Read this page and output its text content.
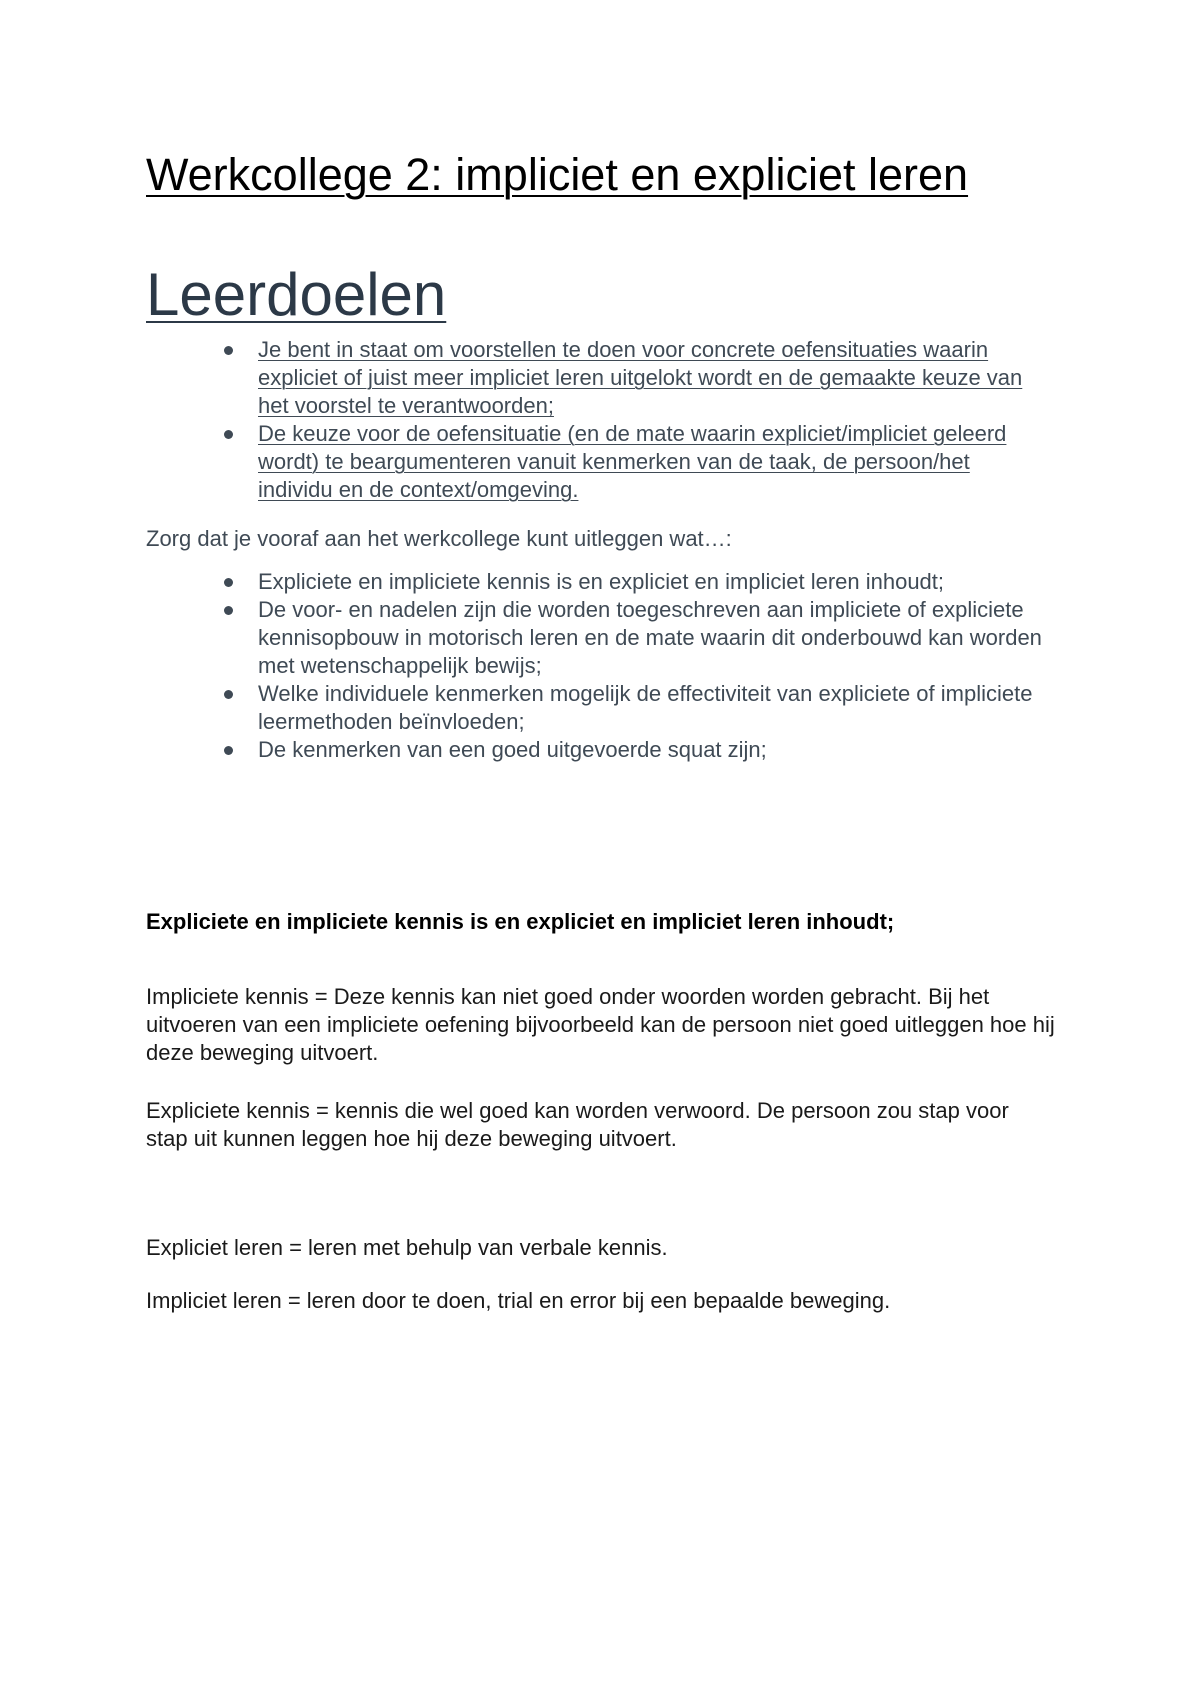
Werkcollege 2: impliciet en expliciet leren
Leerdoelen
Je bent in staat om voorstellen te doen voor concrete oefensituaties waarin expliciet of juist meer impliciet leren uitgelokt wordt en de gemaakte keuze van het voorstel te verantwoorden;
De keuze voor de oefensituatie (en de mate waarin expliciet/impliciet geleerd wordt) te beargumenteren vanuit kenmerken van de taak, de persoon/het individu en de context/omgeving.

Zorg dat je vooraf aan het werkcollege kunt uitleggen wat…:

Expliciete en impliciete kennis is en expliciet en impliciet leren inhoudt;
De voor- en nadelen zijn die worden toegeschreven aan impliciete of expliciete kennisopbouw in motorisch leren en de mate waarin dit onderbouwd kan worden met wetenschappelijk bewijs;
Welke individuele kenmerken mogelijk de effectiviteit van expliciete of impliciete leermethoden beïnvloeden;
De kenmerken van een goed uitgevoerde squat zijn;

Expliciete en impliciete kennis is en expliciet en impliciet leren inhoudt;

Impliciete kennis = Deze kennis kan niet goed onder woorden worden gebracht. Bij het uitvoeren van een impliciete oefening bijvoorbeeld kan de persoon niet goed uitleggen hoe hij deze beweging uitvoert.

Expliciete kennis = kennis die wel goed kan worden verwoord. De persoon zou stap voor stap uit kunnen leggen hoe hij deze beweging uitvoert.

Expliciet leren = leren met behulp van verbale kennis.

Impliciet leren = leren door te doen, trial en error bij een bepaalde beweging.
